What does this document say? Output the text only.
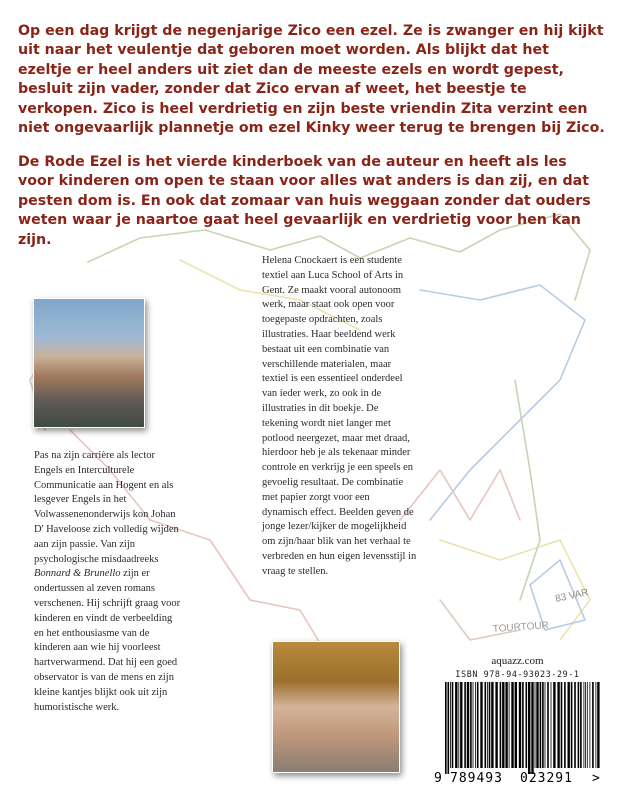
83 VAR
TOURTOUR

Op een dag krijgt de negenjarige Zico een ezel. Ze is zwanger en hij kijkt uit naar het veulentje dat geboren moet worden. Als blijkt dat het ezeltje er heel anders uit ziet dan de meeste ezels en wordt gepest, besluit zijn vader, zonder dat Zico ervan af weet, het beestje te verkopen. Zico is heel verdrietig en zijn beste vriendin Zita verzint een niet ongevaarlijk plannetje om ezel Kinky weer terug te brengen bij Zico.

De Rode Ezel is het vierde kinderboek van de auteur en heeft als les voor kinderen om open te staan voor alles wat anders is dan zij, en dat pesten dom is. En ook dat zomaar van huis weggaan zonder dat ouders weten waar je naartoe gaat heel gevaarlijk en verdrietig voor hen kan zijn.

Pas na zijn carrière als lector Engels en Interculturele Communicatie aan Hogent en als lesgever Engels in het Volwassenenonderwijs kon Johan D' Haveloose zich volledig wijden aan zijn passie. Van zijn psychologische misdaadreeks Bonnard & Brunello zijn er ondertussen al zeven romans verschenen. Hij schrijft graag voor kinderen en vindt de verbeelding en het enthousiasme van de kinderen aan wie hij voorleest hartverwarmend. Dat hij een goed observator is van de mens en zijn kleine kantjes blijkt ook uit zijn humoristische werk.

Helena Cnockaert is een studente textiel aan Luca School of Arts in Gent. Ze maakt vooral autonoom werk, maar staat ook open voor toegepaste opdrachten, zoals illustraties. Haar beeldend werk bestaat uit een combinatie van verschillende materialen, maar textiel is een essentieel onderdeel van ieder werk, zo ook in de illustraties in dit boekje. De tekening wordt niet langer met potlood neergezet, maar met draad, hierdoor heb je als tekenaar minder controle en verkrijg je een speels en gevoelig resultaat. De combinatie met papier zorgt voor een dynamisch effect. Beelden geven de jonge lezer/kijker de mogelijkheid om zijn/haar blik van het verhaal te verbreden en hun eigen levensstijl in vraag te stellen.

aquazz.com
ISBN 978-94-93023-29-1
9 789493 023291 >
